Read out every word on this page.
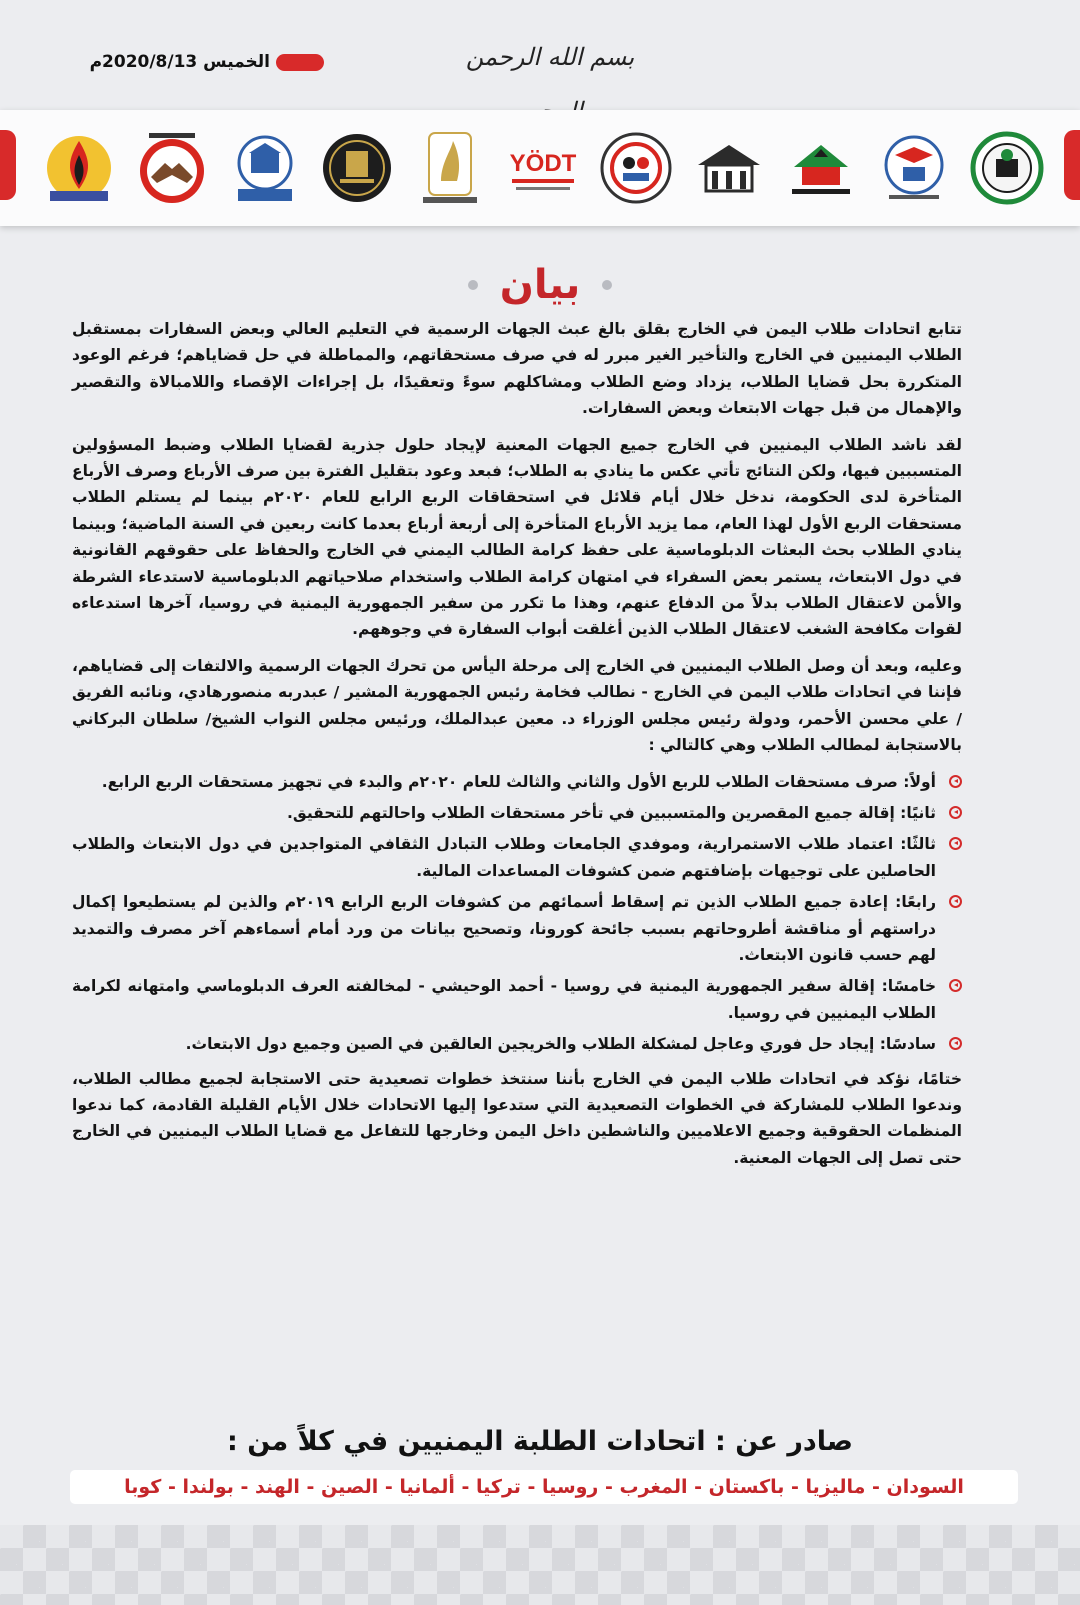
بسم الله الرحمن
الخميس 2020/8/13م
YÖDT
بيان

تتابع اتحادات طلاب اليمن في الخارج بقلق بالغ عبث الجهات الرسمية في التعليم العالي وبعض السفارات بمستقبل الطلاب اليمنيين في الخارج والتأخير الغير مبرر له في صرف مستحقاتهم، والمماطلة في حل قضاياهم؛ فرغم الوعود المتكررة بحل قضايا الطلاب، يزداد وضع الطلاب ومشاكلهم سوءً وتعقيدًا، بل إجراءات الإقصاء واللامبالاة والتقصير والإهمال من قبل جهات الابتعاث وبعض السفارات.

لقد ناشد الطلاب اليمنيين في الخارج جميع الجهات المعنية لإيجاد حلول جذرية لقضايا الطلاب وضبط المسؤولين المتسببين فيها، ولكن النتائج تأتي عكس ما ينادي به الطلاب؛ فبعد وعود بتقليل الفترة بين صرف الأرباع وصرف الأرباع المتأخرة لدى الحكومة، ندخل خلال أيام قلائل في استحقاقات الربع الرابع للعام ٢٠٢٠م بينما لم يستلم الطلاب مستحقات الربع الأول لهذا العام، مما يزيد الأرباع المتأخرة إلى أربعة أرباع بعدما كانت ربعين في السنة الماضية؛ وبينما ينادي الطلاب بحث البعثات الدبلوماسية على حفظ كرامة الطالب اليمني في الخارج والحفاظ على حقوقهم القانونية في دول الابتعاث، يستمر بعض السفراء في امتهان كرامة الطلاب واستخدام صلاحياتهم الدبلوماسية لاستدعاء الشرطة والأمن لاعتقال الطلاب بدلاً من الدفاع عنهم، وهذا ما تكرر من سفير الجمهورية اليمنية في روسيا، آخرها استدعاءه لقوات مكافحة الشغب لاعتقال الطلاب الذين أغلقت أبواب السفارة في وجوههم.

وعليه، وبعد أن وصل الطلاب اليمنيين في الخارج إلى مرحلة اليأس من تحرك الجهات الرسمية والالتفات إلى قضاياهم، فإننا في اتحادات طلاب اليمن في الخارج - نطالب فخامة رئيس الجمهورية المشير / عبدربه منصورهادي، ونائبه الفريق / علي محسن الأحمر، ودولة رئيس مجلس الوزراء د. معين عبدالملك، ورئيس مجلس النواب الشيخ/ سلطان البركاني بالاستجابة لمطالب الطلاب وهي كالتالي :

أولاً: صرف مستحقات الطلاب للربع الأول والثاني والثالث للعام ٢٠٢٠م والبدء في تجهيز مستحقات الربع الرابع.
ثانيًا: إقالة جميع المقصرين والمتسببين في تأخر مستحقات الطلاب واحالتهم للتحقيق.
ثالثًا: اعتماد طلاب الاستمرارية، وموفدي الجامعات وطلاب التبادل الثقافي المتواجدين في دول الابتعاث والطلاب الحاصلين على توجيهات بإضافتهم ضمن كشوفات المساعدات المالية.
رابعًا: إعادة جميع الطلاب الذين تم إسقاط أسمائهم من كشوفات الربع الرابع ٢٠١٩م والذين لم يستطيعوا إكمال دراستهم أو مناقشة أطروحاتهم بسبب جائحة كورونا، وتصحيح بيانات من ورد أمام أسماءهم آخر مصرف والتمديد لهم حسب قانون الابتعاث.
خامسًا: إقالة سفير الجمهورية اليمنية في روسيا - أحمد الوحيشي - لمخالفته العرف الدبلوماسي وامتهانه لكرامة الطلاب اليمنيين في روسيا.
سادسًا: إيجاد حل فوري وعاجل لمشكلة الطلاب والخريجين العالقين في الصين وجميع دول الابتعاث.

ختامًا، نؤكد في اتحادات طلاب اليمن في الخارج بأننا سنتخذ خطوات تصعيدية حتى الاستجابة لجميع مطالب الطلاب، وندعوا الطلاب للمشاركة في الخطوات التصعيدية التي ستدعوا إليها الاتحادات خلال الأيام القليلة القادمة، كما ندعوا المنظمات الحقوقية وجميع الاعلاميين والناشطين داخل اليمن وخارجها للتفاعل مع قضايا الطلاب اليمنيين في الخارج حتى تصل إلى الجهات المعنية.

صادر عن : اتحادات الطلبة اليمنيين في كلاً من :
السودان - ماليزيا - باكستان - المغرب - روسيا - تركيا - ألمانيا - الصين - الهند - بولندا - كوبا
